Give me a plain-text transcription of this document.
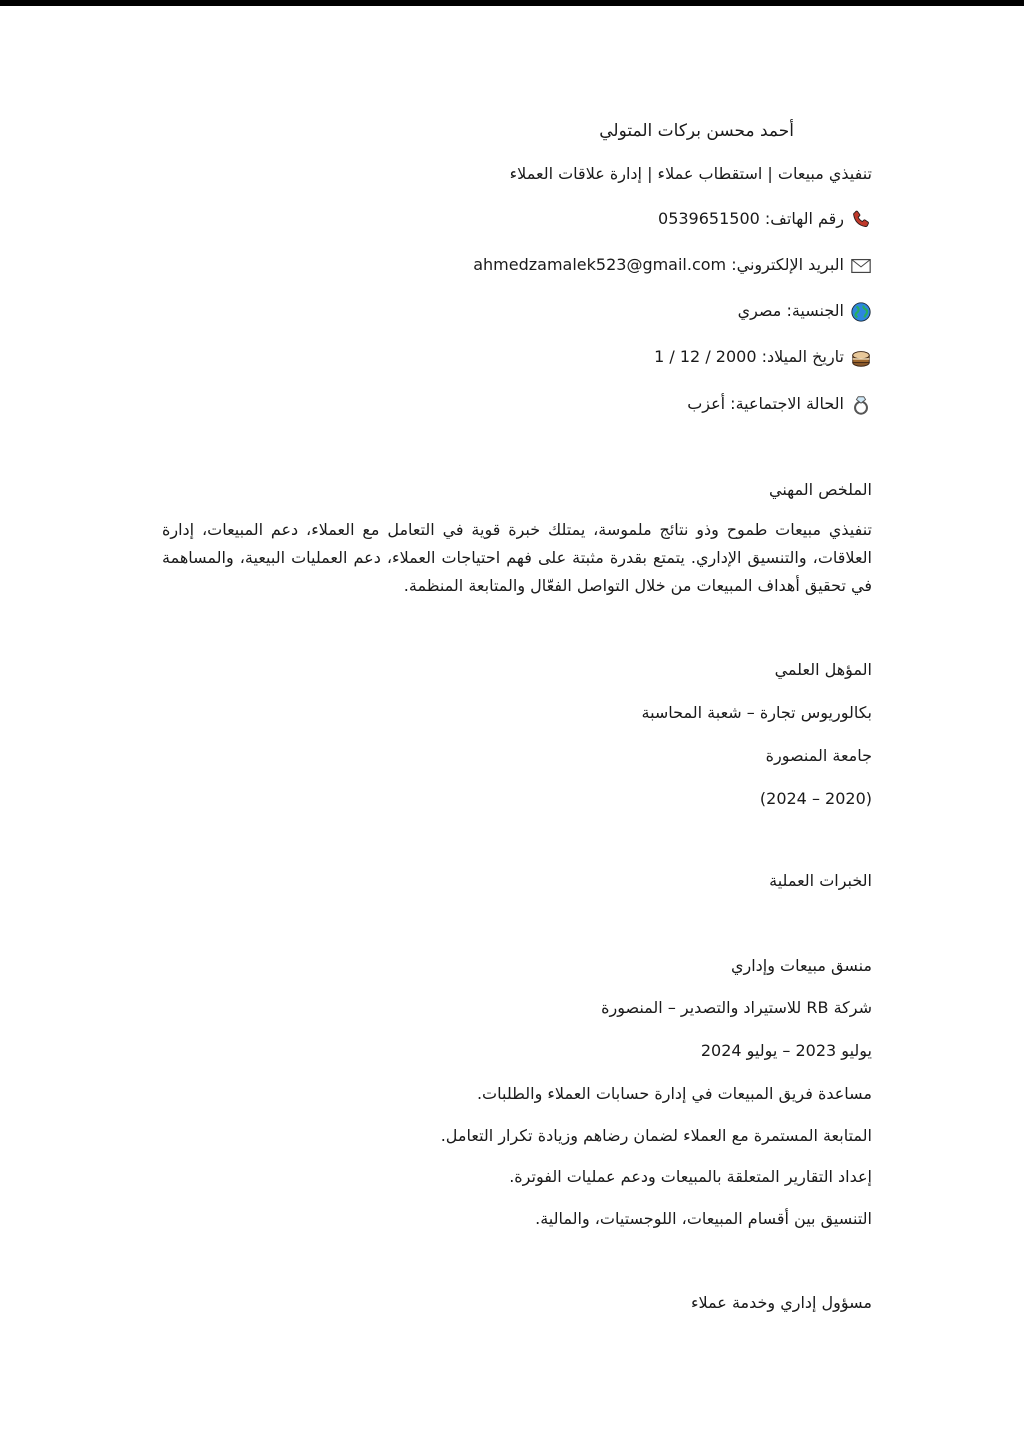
أحمد محسن بركات المتولي
تنفيذي مبيعات | استقطاب عملاء | إدارة علاقات العملاء
رقم الهاتف: 0539651500
البريد الإلكتروني: ahmedzamalek523@gmail.com
الجنسية: مصري
تاريخ الميلاد: 1 / 12 / 2000
الحالة الاجتماعية: أعزب
الملخص المهني
تنفيذي مبيعات طموح وذو نتائج ملموسة، يمتلك خبرة قوية في التعامل مع العملاء، دعم المبيعات، إدارة العلاقات، والتنسيق الإداري. يتمتع بقدرة مثبتة على فهم احتياجات العملاء، دعم العمليات البيعية، والمساهمة في تحقيق أهداف المبيعات من خلال التواصل الفعّال والمتابعة المنظمة.
المؤهل العلمي
بكالوريوس تجارة – شعبة المحاسبة
جامعة المنصورة
(2020 – 2024)
الخبرات العملية
منسق مبيعات وإداري
شركة RB للاستيراد والتصدير – المنصورة
يوليو 2023 – يوليو 2024
مساعدة فريق المبيعات في إدارة حسابات العملاء والطلبات.
المتابعة المستمرة مع العملاء لضمان رضاهم وزيادة تكرار التعامل.
إعداد التقارير المتعلقة بالمبيعات ودعم عمليات الفوترة.
التنسيق بين أقسام المبيعات، اللوجستيات، والمالية.
مسؤول إداري وخدمة عملاء
